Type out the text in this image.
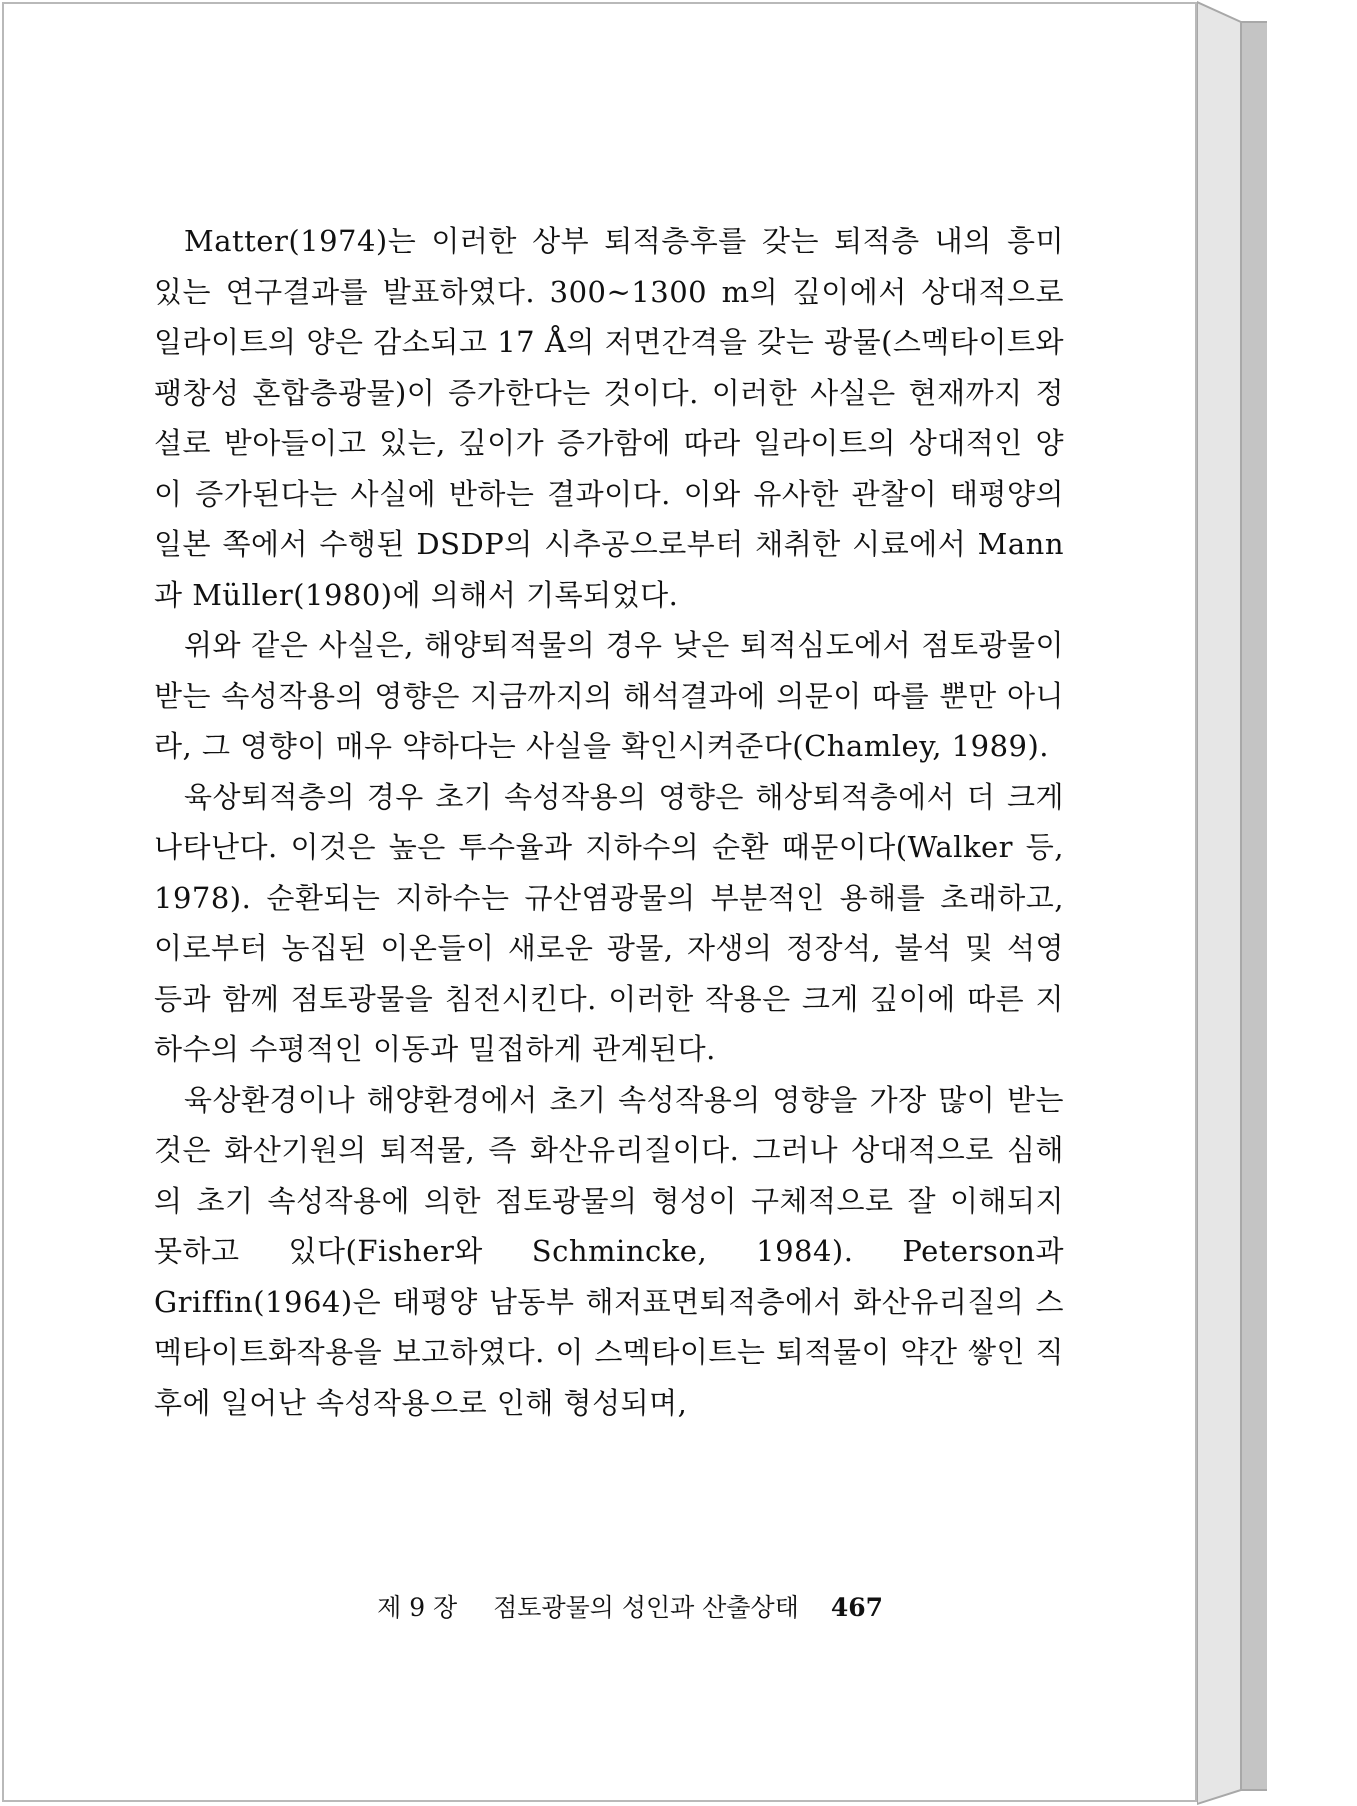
Matter(1974)는 이러한 상부 퇴적층후를 갖는 퇴적층 내의 흥미 있는 연구결과를 발표하였다. 300~1300 m의 깊이에서 상대적으로 일라이트의 양은 감소되고 17 Å의 저면간격을 갖는 광물(스멕타이트와 팽창성 혼합층광물)이 증가한다는 것이다. 이러한 사실은 현재까지 정설로 받아들이고 있는, 깊이가 증가함에 따라 일라이트의 상대적인 양이 증가된다는 사실에 반하는 결과이다. 이와 유사한 관찰이 태평양의 일본 쪽에서 수행된 DSDP의 시추공으로부터 채취한 시료에서 Mann과 Müller(1980)에 의해서 기록되었다.

위와 같은 사실은, 해양퇴적물의 경우 낮은 퇴적심도에서 점토광물이 받는 속성작용의 영향은 지금까지의 해석결과에 의문이 따를 뿐만 아니라, 그 영향이 매우 약하다는 사실을 확인시켜준다(Chamley, 1989).

육상퇴적층의 경우 초기 속성작용의 영향은 해상퇴적층에서 더 크게 나타난다. 이것은 높은 투수율과 지하수의 순환 때문이다(Walker 등, 1978). 순환되는 지하수는 규산염광물의 부분적인 용해를 초래하고, 이로부터 농집된 이온들이 새로운 광물, 자생의 정장석, 불석 및 석영 등과 함께 점토광물을 침전시킨다. 이러한 작용은 크게 깊이에 따른 지하수의 수평적인 이동과 밀접하게 관계된다.

육상환경이나 해양환경에서 초기 속성작용의 영향을 가장 많이 받는 것은 화산기원의 퇴적물, 즉 화산유리질이다. 그러나 상대적으로 심해의 초기 속성작용에 의한 점토광물의 형성이 구체적으로 잘 이해되지 못하고 있다(Fisher와 Schmincke, 1984). Peterson과 Griffin(1964)은 태평양 남동부 해저표면퇴적층에서 화산유리질의 스멕타이트화작용을 보고하였다. 이 스멕타이트는 퇴적물이 약간 쌓인 직후에 일어난 속성작용으로 인해 형성되며,

제 9 장 점토광물의 성인과 산출상태 467
